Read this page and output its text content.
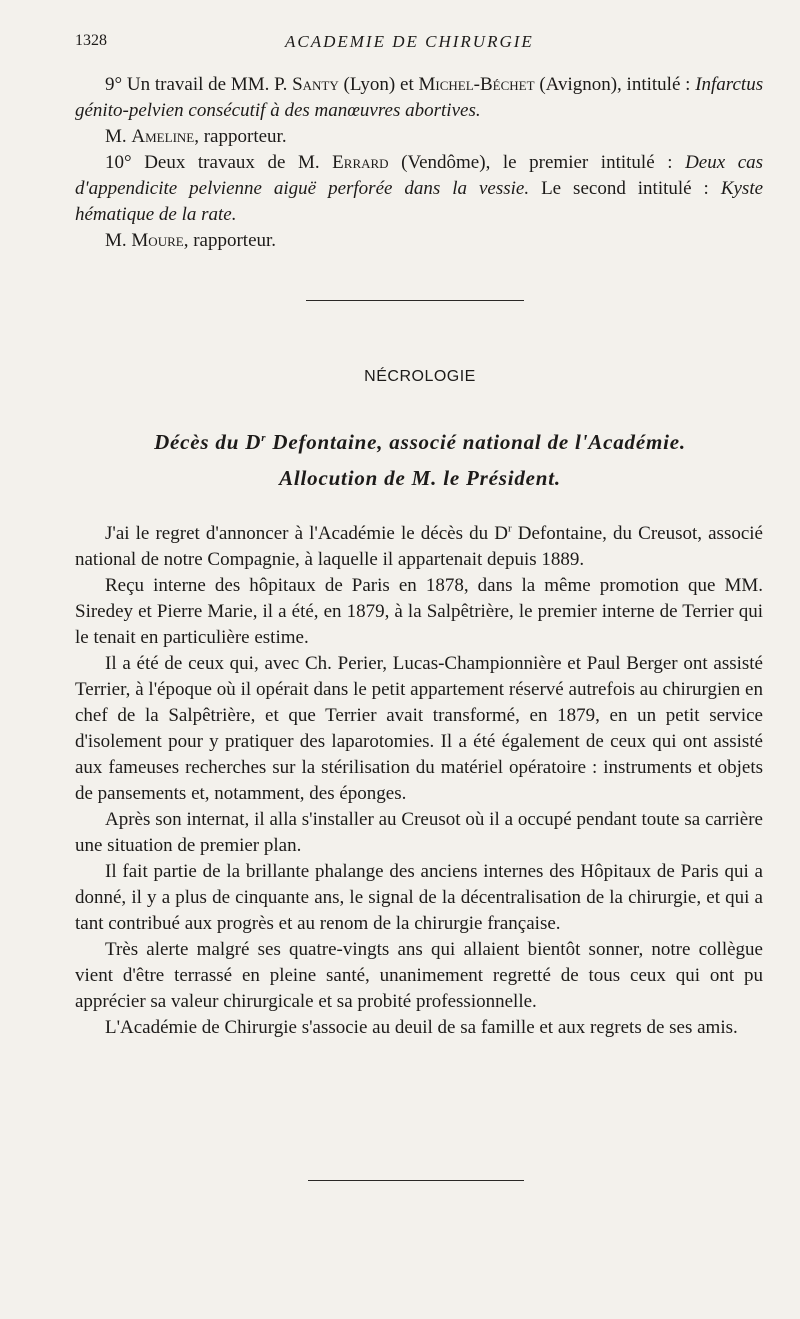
1328	ACADEMIE DE CHIRURGIE

9° Un travail de MM. P. Santy (Lyon) et Michel-Béchet (Avignon), intitulé : Infarctus génito-pelvien consécutif à des manœuvres abortives.

M. Ameline, rapporteur.

10° Deux travaux de M. Errard (Vendôme), le premier intitulé : Deux cas d'appendicite pelvienne aiguë perforée dans la vessie. Le second intitulé : Kyste hématique de la rate.

M. Moure, rapporteur.

NÉCROLOGIE
Décès du $D^r$ Defontaine, associé national de l'Académie.
Allocution de M. le Président.

J'ai le regret d'annoncer à l'Académie le décès du $D^r$ Defontaine, du Creusot, associé national de notre Compagnie, à laquelle il appartenait depuis 1889.

Reçu interne des hôpitaux de Paris en 1878, dans la même promotion que MM. Siredey et Pierre Marie, il a été, en 1879, à la Salpêtrière, le premier interne de Terrier qui le tenait en particulière estime.

Il a été de ceux qui, avec Ch. Perier, Lucas-Championnière et Paul Berger ont assisté Terrier, à l'époque où il opérait dans le petit appartement réservé autrefois au chirurgien en chef de la Salpêtrière, et que Terrier avait transformé, en 1879, en un petit service d'isolement pour y pratiquer des laparotomies. Il a été également de ceux qui ont assisté aux fameuses recherches sur la stérilisation du matériel opératoire : instruments et objets de pansements et, notamment, des éponges.

Après son internat, il alla s'installer au Creusot où il a occupé pendant toute sa carrière une situation de premier plan.

Il fait partie de la brillante phalange des anciens internes des Hôpitaux de Paris qui a donné, il y a plus de cinquante ans, le signal de la décentralisation de la chirurgie, et qui a tant contribué aux progrès et au renom de la chirurgie française.

Très alerte malgré ses quatre-vingts ans qui allaient bientôt sonner, notre collègue vient d'être terrassé en pleine santé, unanimement regretté de tous ceux qui ont pu apprécier sa valeur chirurgicale et sa probité professionnelle.

L'Académie de Chirurgie s'associe au deuil de sa famille et aux regrets de ses amis.
